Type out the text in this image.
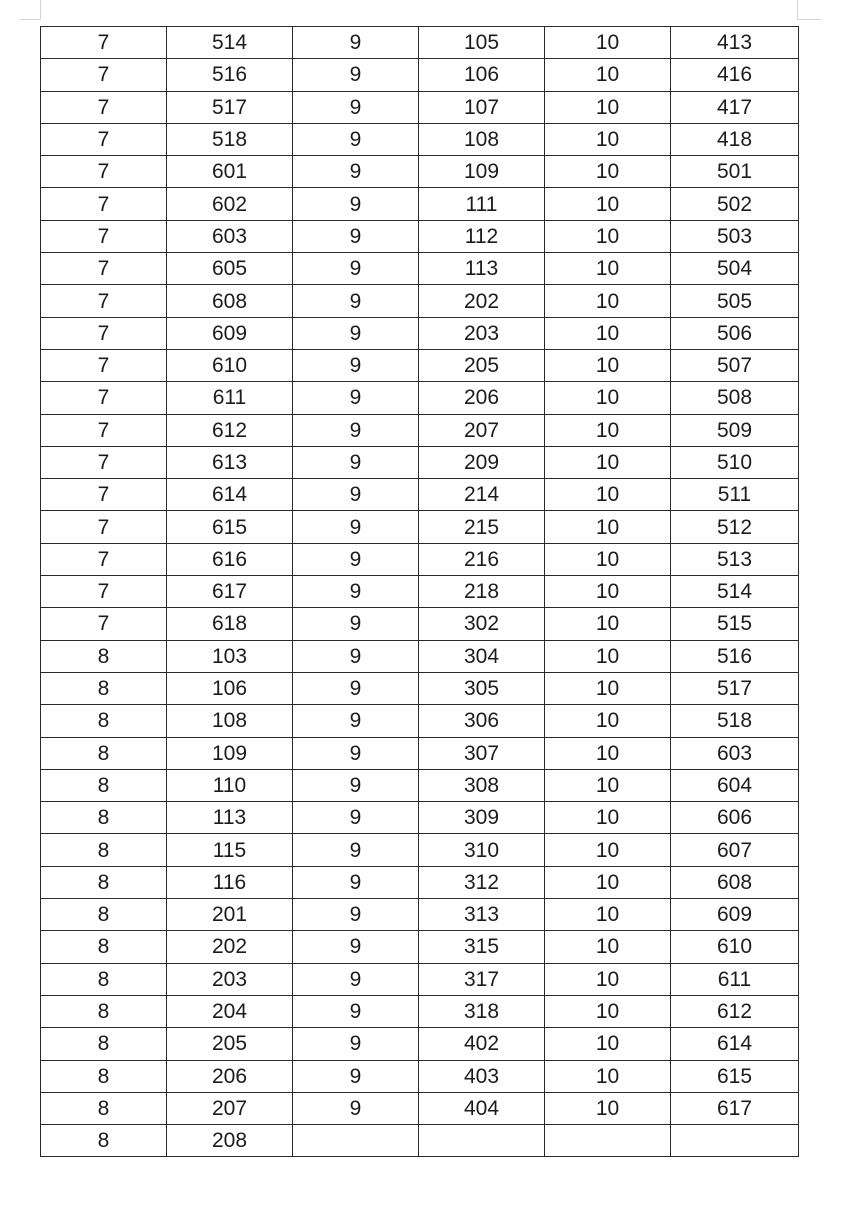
7	514	9	105	10	413
7	516	9	106	10	416
7	517	9	107	10	417
7	518	9	108	10	418
7	601	9	109	10	501
7	602	9	111	10	502
7	603	9	112	10	503
7	605	9	113	10	504
7	608	9	202	10	505
7	609	9	203	10	506
7	610	9	205	10	507
7	611	9	206	10	508
7	612	9	207	10	509
7	613	9	209	10	510
7	614	9	214	10	511
7	615	9	215	10	512
7	616	9	216	10	513
7	617	9	218	10	514
7	618	9	302	10	515
8	103	9	304	10	516
8	106	9	305	10	517
8	108	9	306	10	518
8	109	9	307	10	603
8	110	9	308	10	604
8	113	9	309	10	606
8	115	9	310	10	607
8	116	9	312	10	608
8	201	9	313	10	609
8	202	9	315	10	610
8	203	9	317	10	611
8	204	9	318	10	612
8	205	9	402	10	614
8	206	9	403	10	615
8	207	9	404	10	617
8	208				
